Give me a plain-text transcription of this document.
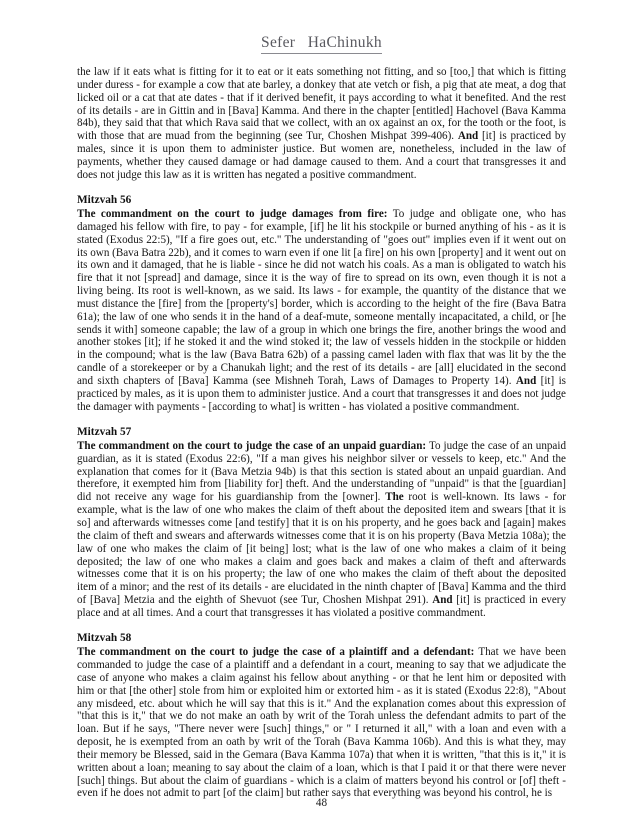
Sefer   HaChinukh

the law if it eats what is fitting for it to eat or it eats something not fitting, and so [too,] that which is fitting under duress - for example a cow that ate barley, a donkey that ate vetch or fish, a pig that ate meat, a dog that licked oil or a cat that ate dates - that if it derived benefit, it pays according to what it benefited. And the rest of its details - are in Gittin and in [Bava] Kamma. And there in the chapter [entitled] Hachovel (Bava Kamma 84b), they said that that which Rava said that we collect, with an ox against an ox, for the tooth or the foot, is with those that are muad from the beginning (see Tur, Choshen Mishpat 399-406). And [it] is practiced by males, since it is upon them to administer justice. But women are, nonetheless, included in the law of payments, whether they caused damage or had damage caused to them. And a court that transgresses it and does not judge this law as it is written has negated a positive commandment.

Mitzvah 56

The commandment on the court to judge damages from fire: To judge and obligate one, who has damaged his fellow with fire, to pay - for example, [if] he lit his stockpile or burned anything of his - as it is stated (Exodus 22:5), "If a fire goes out, etc." The understanding of "goes out" implies even if it went out on its own (Bava Batra 22b), and it comes to warn even if one lit [a fire] on his own [property] and it went out on its own and it damaged, that he is liable - since he did not watch his coals. As a man is obligated to watch his fire that it not [spread] and damage, since it is the way of fire to spread on its own, even though it is not a living being. Its root is well-known, as we said. Its laws - for example, the quantity of the distance that we must distance the [fire] from the [property's] border, which is according to the height of the fire (Bava Batra 61a); the law of one who sends it in the hand of a deaf-mute, someone mentally incapacitated, a child, or [he sends it with] someone capable; the law of a group in which one brings the fire, another brings the wood and another stokes [it]; if he stoked it and the wind stoked it; the law of vessels hidden in the stockpile or hidden in the compound; what is the law (Bava Batra 62b) of a passing camel laden with flax that was lit by the the candle of a storekeeper or by a Chanukah light; and the rest of its details - are [all] elucidated in the second and sixth chapters of [Bava] Kamma (see Mishneh Torah, Laws of Damages to Property 14). And [it] is practiced by males, as it is upon them to administer justice. And a court that transgresses it and does not judge the damager with payments - [according to what] is written - has violated a positive commandment.

Mitzvah 57

The commandment on the court to judge the case of an unpaid guardian: To judge the case of an unpaid guardian, as it is stated (Exodus 22:6), "If a man gives his neighbor silver or vessels to keep, etc." And the explanation that comes for it (Bava Metzia 94b) is that this section is stated about an unpaid guardian. And therefore, it exempted him from [liability for] theft. And the understanding of "unpaid" is that the [guardian] did not receive any wage for his guardianship from the [owner]. The root is well-known. Its laws - for example, what is the law of one who makes the claim of theft about the deposited item and swears [that it is so] and afterwards witnesses come [and testify] that it is on his property, and he goes back and [again] makes the claim of theft and swears and afterwards witnesses come that it is on his property (Bava Metzia 108a); the law of one who makes the claim of [it being] lost; what is the law of one who makes a claim of it being deposited; the law of one who makes a claim and goes back and makes a claim of theft and afterwards witnesses come that it is on his property; the law of one who makes the claim of theft about the deposited item of a minor; and the rest of its details - are elucidated in the ninth chapter of [Bava] Kamma and the third of [Bava] Metzia and the eighth of Shevuot (see Tur, Choshen Mishpat 291). And [it] is practiced in every place and at all times. And a court that transgresses it has violated a positive commandment.

Mitzvah 58

The commandment on the court to judge the case of a plaintiff and a defendant: That we have been commanded to judge the case of a plaintiff and a defendant in a court, meaning to say that we adjudicate the case of anyone who makes a claim against his fellow about anything - or that he lent him or deposited with him or that [the other] stole from him or exploited him or extorted him - as it is stated (Exodus 22:8), "About any misdeed, etc. about which he will say that this is it." And the explanation comes about this expression of "that this is it," that we do not make an oath by writ of the Torah unless the defendant admits to part of the loan. But if he says, "There never were [such] things," or " I returned it all," with a loan and even with a deposit, he is exempted from an oath by writ of the Torah (Bava Kamma 106b). And this is what they, may their memory be Blessed, said in the Gemara (Bava Kamma 107a) that when it is written, "that this is it," it is written about a loan; meaning to say about the claim of a loan, which is that I paid it or that there were never [such] things. But about the claim of guardians - which is a claim of matters beyond his control or [of] theft - even if he does not admit to part [of the claim] but rather says that everything was beyond his control, he is

48
